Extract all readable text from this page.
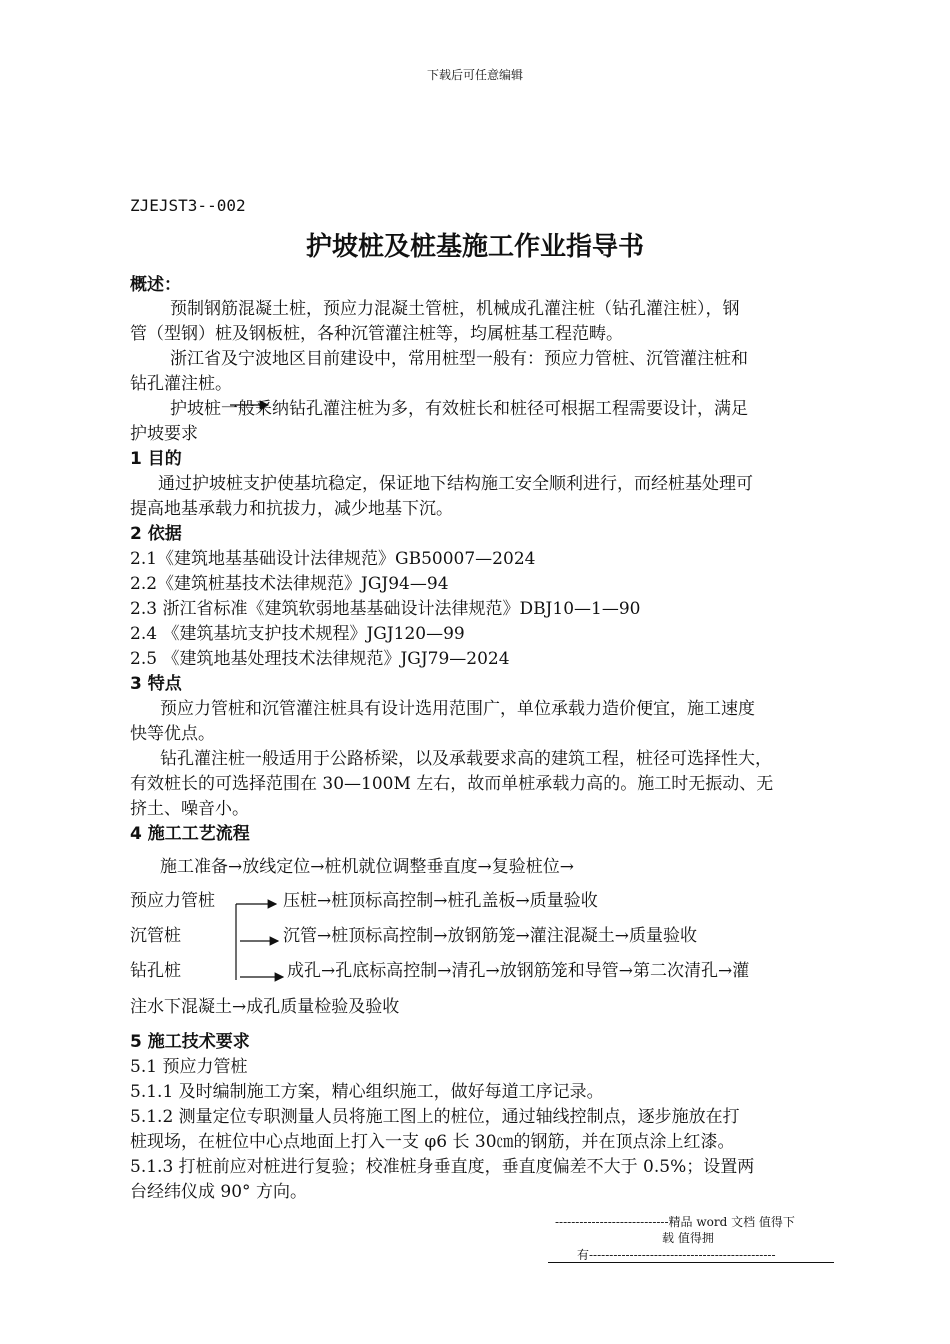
下载后可任意编辑
ZJEJST3--002
护坡桩及桩基施工作业指导书
概述：
预制钢筋混凝土桩，预应力混凝土管桩，机械成孔灌注桩（钻孔灌注桩），钢
管（型钢）桩及钢板桩，各种沉管灌注桩等，均属桩基工程范畴。
浙江省及宁波地区目前建设中，常用桩型一般有：预应力管桩、沉管灌注桩和
钻孔灌注桩。
护坡桩一般采纳钻孔灌注桩为多，有效桩长和桩径可根据工程需要设计，满足
护坡要求
1 目的
通过护坡桩支护使基坑稳定，保证地下结构施工安全顺利进行，而经桩基处理可
提高地基承载力和抗拔力，减少地基下沉。
2 依据
2.1《建筑地基基础设计法律规范》GB50007—2024
2.2《建筑桩基技术法律规范》JGJ94—94
2.3 浙江省标准《建筑软弱地基基础设计法律规范》DBJ10—1—90
2.4 《建筑基坑支护技术规程》JGJ120—99
2.5 《建筑地基处理技术法律规范》JGJ79—2024
3 特点
预应力管桩和沉管灌注桩具有设计选用范围广，单位承载力造价便宜，施工速度
快等优点。
钻孔灌注桩一般适用于公路桥梁，以及承载要求高的建筑工程，桩径可选择性大，
有效桩长的可选择范围在 30—100M 左右，故而单桩承载力高的。施工时无振动、无
挤土、噪音小。
4 施工工艺流程
施工准备→放线定位→桩机就位调整垂直度→复验桩位→
预应力管桩	压桩→桩顶标高控制→桩孔盖板→质量验收
沉管桩	沉管→桩顶标高控制→放钢筋笼→灌注混凝土→质量验收
钻孔桩	成孔→孔底标高控制→清孔→放钢筋笼和导管→第二次清孔→灌
注水下混凝土→成孔质量检验及验收
5 施工技术要求
5.1 预应力管桩
5.1.1 及时编制施工方案，精心组织施工，做好每道工序记录。
5.1.2 测量定位专职测量人员将施工图上的桩位，通过轴线控制点，逐步施放在打
桩现场，在桩位中心点地面上打入一支 φ6 长 30㎝的钢筋，并在顶点涂上红漆。
5.1.3 打桩前应对桩进行复验；校准桩身垂直度，垂直度偏差不大于 0.5%；设置两
台经纬仪成 90° 方向。
----------------------------精品 word 文档 值得下
载 值得拥
有----------------------------------------------
